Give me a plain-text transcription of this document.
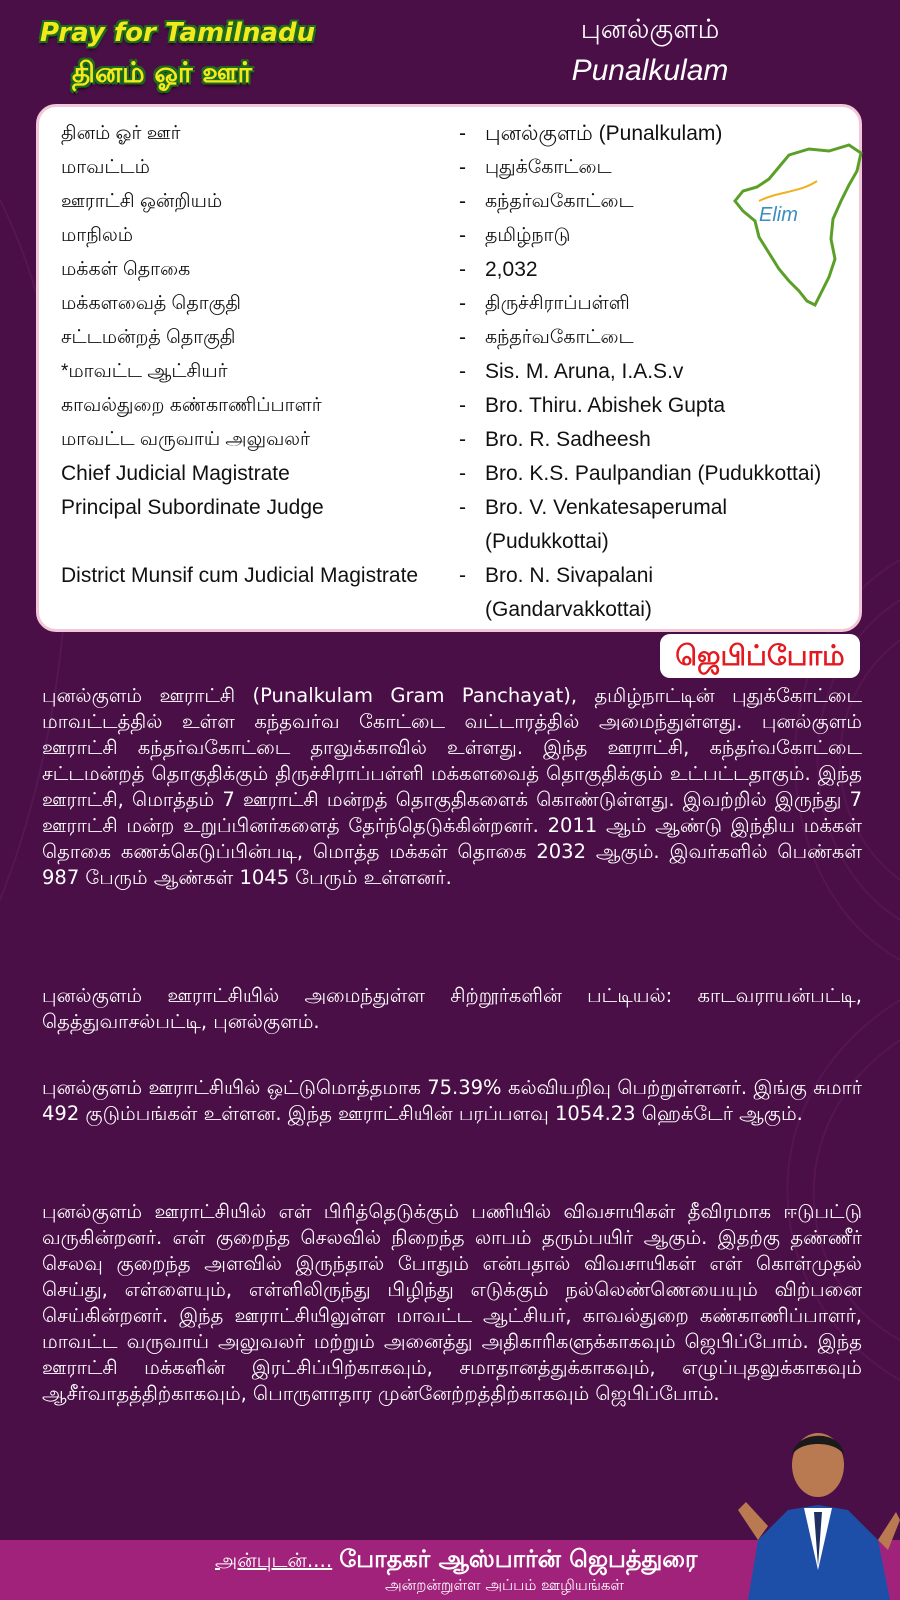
Pray for Tamilnadu
தினம் ஓர் ஊர்
புனல்குளம்
Punalkulam
தினம் ஓர் ஊர்	- புனல்குளம் (Punalkulam)
மாவட்டம்	-	புதுக்கோட்டை
ஊராட்சி ஒன்றியம்	-	கந்தர்வகோட்டை
மாநிலம்	-	தமிழ்நாடு
மக்கள் தொகை	- 2,032
மக்களவைத் தொகுதி	-	திருச்சிராப்பள்ளி
சட்டமன்றத் தொகுதி	-	கந்தர்வகோட்டை
*மாவட்ட ஆட்சியர்	- Sis. M. Aruna, I.A.S.v
காவல்துறை கண்காணிப்பாளர்	- Bro. Thiru. Abishek Gupta
மாவட்ட வருவாய் அலுவலர்	- Bro. R. Sadheesh
Chief Judicial Magistrate	- Bro. K.S. Paulpandian (Pudukkottai)
Principal Subordinate Judge	- Bro. V. Venkatesaperumal
(Pudukkottai)
District Munsif cum Judicial Magistrate	- Bro. N. Sivapalani
(Gandarvakkottai)
Elim
ஜெபிப்போம்
புனல்குளம் ஊராட்சி (Punalkulam Gram Panchayat), தமிழ்நாட்டின் புதுக்கோட்டை மாவட்டத்தில் உள்ள கந்தவர்வ கோட்டை வட்டாரத்தில் அமைந்துள்ளது. புனல்குளம் ஊராட்சி கந்தர்வகோட்டை தாலுக்காவில் உள்ளது. இந்த ஊராட்சி, கந்தர்வகோட்டை சட்டமன்றத் தொகுதிக்கும் திருச்சிராப்பள்ளி மக்களவைத் தொகுதிக்கும் உட்பட்டதாகும். இந்த ஊராட்சி, மொத்தம் 7 ஊராட்சி மன்றத் தொகுதிகளைக் கொண்டுள்ளது. இவற்றில் இருந்து 7 ஊராட்சி மன்ற உறுப்பினர்களைத் தேர்ந்தெடுக்கின்றனர். 2011 ஆம் ஆண்டு இந்திய மக்கள் தொகை கணக்கெடுப்பின்படி, மொத்த மக்கள் தொகை 2032 ஆகும். இவர்களில் பெண்கள் 987 பேரும் ஆண்கள் 1045 பேரும் உள்ளனர்.
புனல்குளம் ஊராட்சியில் அமைந்துள்ள சிற்றூர்களின் பட்டியல்: காடவராயன்பட்டி, தெத்துவாசல்பட்டி, புனல்குளம்.
புனல்குளம் ஊராட்சியில் ஒட்டுமொத்தமாக 75.39% கல்வியறிவு பெற்றுள்ளனர். இங்கு சுமார் 492 குடும்பங்கள் உள்ளன. இந்த ஊராட்சியின் பரப்பளவு 1054.23 ஹெக்டேர் ஆகும்.
புனல்குளம் ஊராட்சியில் எள் பிரித்தெடுக்கும் பணியில் விவசாயிகள் தீவிரமாக ஈடுபட்டு வருகின்றனர். எள் குறைந்த செலவில் நிறைந்த லாபம் தரும்பயிர் ஆகும். இதற்கு தண்ணீர் செலவு குறைந்த அளவில் இருந்தால் போதும் என்பதால் விவசாயிகள் எள் கொள்முதல் செய்து, எள்ளையும், எள்ளிலிருந்து பிழிந்து எடுக்கும் நல்லெண்ணெயையும் விற்பனை செய்கின்றனர். இந்த ஊராட்சியிலுள்ள மாவட்ட ஆட்சியர், காவல்துறை கண்காணிப்பாளர், மாவட்ட வருவாய் அலுவலர் மற்றும் அனைத்து அதிகாரிகளுக்காகவும் ஜெபிப்போம். இந்த ஊராட்சி மக்களின் இரட்சிப்பிற்காகவும், சமாதானத்துக்காகவும், எழுப்புதலுக்காகவும் ஆசீர்வாதத்திற்காகவும், பொருளாதார முன்னேற்றத்திற்காகவும் ஜெபிப்போம்.
அன்புடன்.... போதகர் ஆஸ்பார்ன் ஜெபத்துரை
அன்றன்றுள்ள அப்பம் ஊழியங்கள்
